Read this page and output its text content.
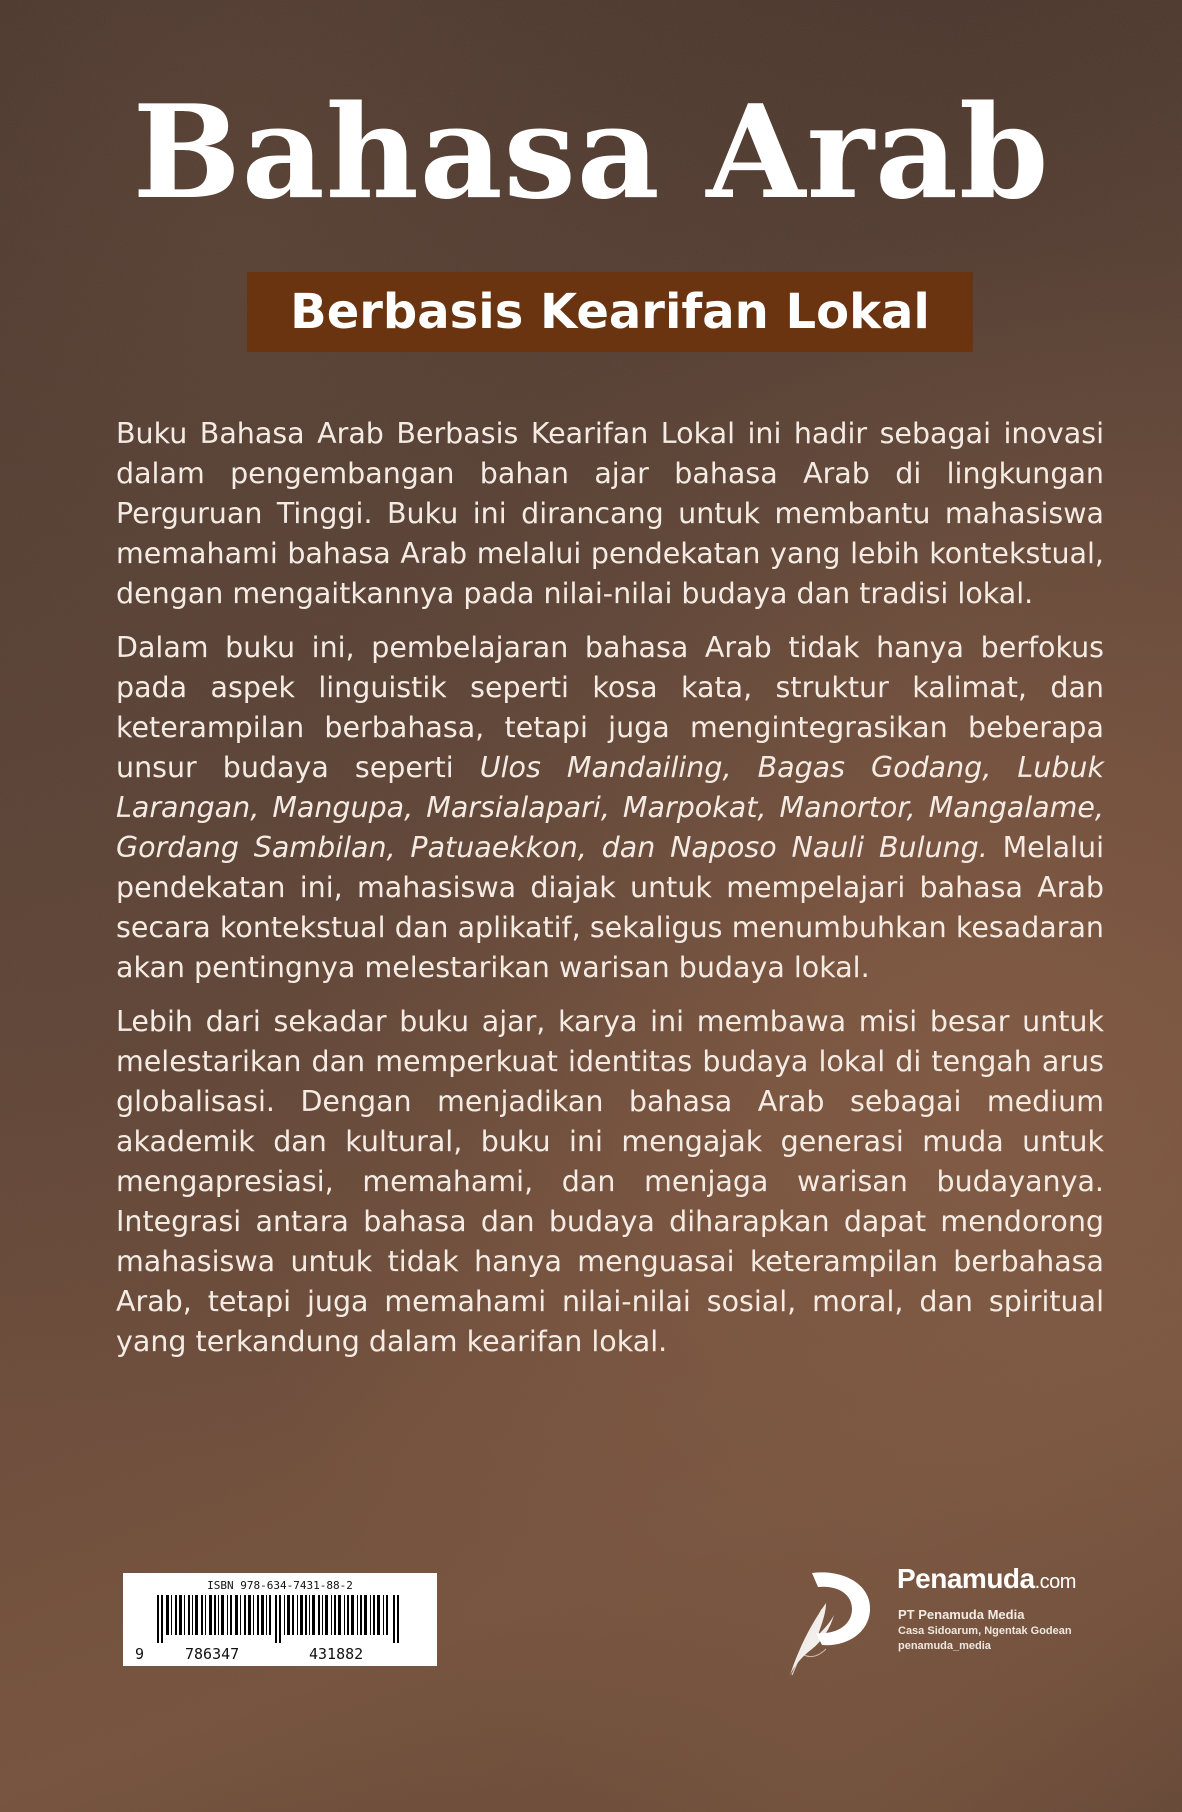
Bahasa Arab
Berbasis Kearifan Lokal

Buku Bahasa Arab Berbasis Kearifan Lokal ini hadir sebagai inovasi dalam pengembangan bahan ajar bahasa Arab di lingkungan Perguruan Tinggi. Buku ini dirancang untuk membantu mahasiswa memahami bahasa Arab melalui pendekatan yang lebih kontekstual, dengan mengaitkannya pada nilai-nilai budaya dan tradisi lokal.

Dalam buku ini, pembelajaran bahasa Arab tidak hanya berfokus pada aspek linguistik seperti kosa kata, struktur kalimat, dan keterampilan berbahasa, tetapi juga mengintegrasikan beberapa unsur budaya seperti Ulos Mandailing, Bagas Godang, Lubuk Larangan, Mangupa, Marsialapari, Marpokat, Manortor, Mangalame, Gordang Sambilan, Patuaekkon, dan Naposo Nauli Bulung. Melalui pendekatan ini, mahasiswa diajak untuk mempelajari bahasa Arab secara kontekstual dan aplikatif, sekaligus menumbuhkan kesadaran akan pentingnya melestarikan warisan budaya lokal.

Lebih dari sekadar buku ajar, karya ini membawa misi besar untuk melestarikan dan memperkuat identitas budaya lokal di tengah arus globalisasi. Dengan menjadikan bahasa Arab sebagai medium akademik dan kultural, buku ini mengajak generasi muda untuk mengapresiasi, memahami, dan menjaga warisan budayanya. Integrasi antara bahasa dan budaya diharapkan dapat mendorong mahasiswa untuk tidak hanya menguasai keterampilan berbahasa Arab, tetapi juga memahami nilai-nilai sosial, moral, dan spiritual yang terkandung dalam kearifan lokal.

ISBN 978-634-7431-88-2
9	786347	431882
Penamuda.com
PT Penamuda Media
Casa Sidoarum, Ngentak Godean
penamuda_media
